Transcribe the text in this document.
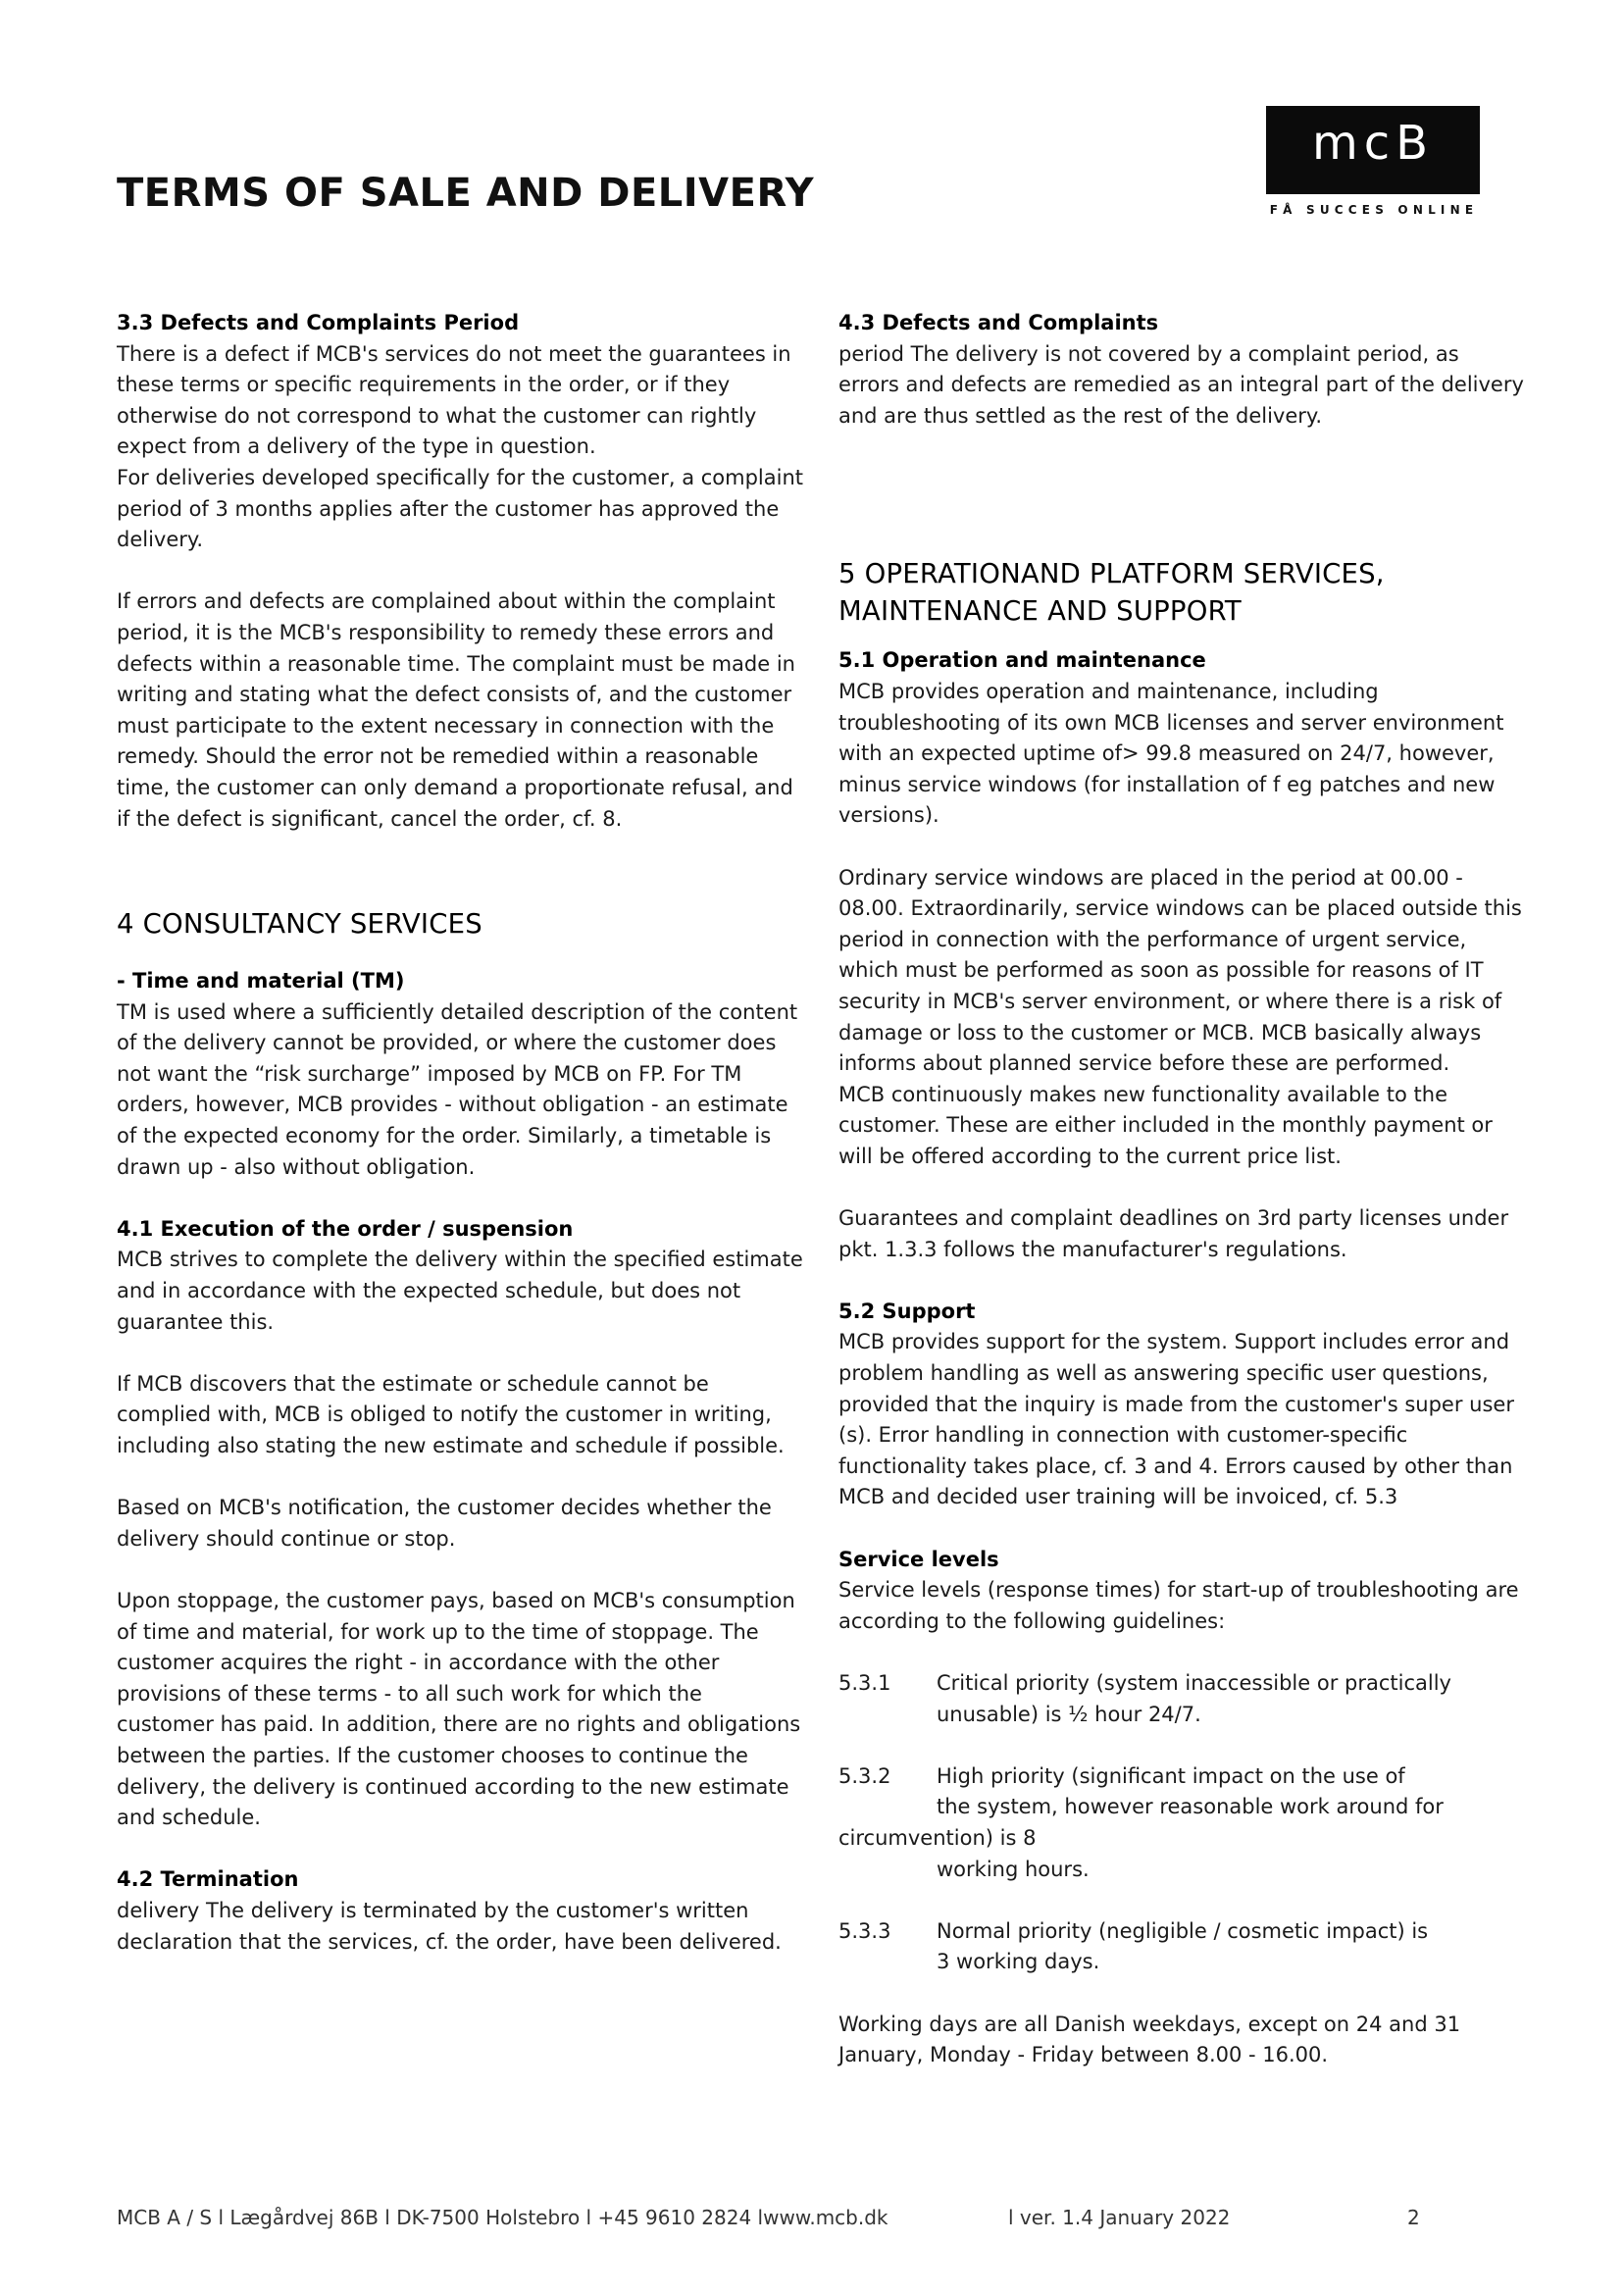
TERMS OF SALE AND DELIVERY
mcB
FÅ SUCCES ONLINE

3.3 Defects and Complaints Period

There is a defect if MCB's services do not meet the guarantees in these terms or specific requirements in the order, or if they otherwise do not correspond to what the customer can rightly expect from a delivery of the type in question.

For deliveries developed specifically for the customer, a complaint period of 3 months applies after the customer has approved the delivery.

If errors and defects are complained about within the complaint period, it is the MCB's responsibility to remedy these errors and defects within a reasonable time. The complaint must be made in writing and stating what the defect consists of, and the customer must participate to the extent necessary in connection with the remedy. Should the error not be remedied within a reasonable time, the customer can only demand a proportionate refusal, and if the defect is significant, cancel the order, cf. 8.

4 CONSULTANCY SERVICES

- Time and material (TM)

TM is used where a sufficiently detailed description of the content of the delivery cannot be provided, or where the customer does not want the “risk surcharge” imposed by MCB on FP. For TM orders, however, MCB provides - without obligation - an estimate of the expected economy for the order. Similarly, a timetable is drawn up - also without obligation.

4.1 Execution of the order / suspension

MCB strives to complete the delivery within the specified estimate and in accordance with the expected schedule, but does not guarantee this.

If MCB discovers that the estimate or schedule cannot be complied with, MCB is obliged to notify the customer in writing, including also stating the new estimate and schedule if possible.

Based on MCB's notification, the customer decides whether the delivery should continue or stop.

Upon stoppage, the customer pays, based on MCB's consumption of time and material, for work up to the time of stoppage. The customer acquires the right - in accordance with the other provisions of these terms - to all such work for which the customer has paid. In addition, there are no rights and obligations between the parties. If the customer chooses to continue the delivery, the delivery is continued according to the new estimate and schedule.

4.2 Termination

delivery The delivery is terminated by the customer's written declaration that the services, cf. the order, have been delivered.

4.3 Defects and Complaints

period The delivery is not covered by a complaint period, as errors and defects are remedied as an integral part of the delivery and are thus settled as the rest of the delivery.

5 OPERATIONAND PLATFORM SERVICES, MAINTENANCE AND SUPPORT

5.1 Operation and maintenance

MCB provides operation and maintenance, including troubleshooting of its own MCB licenses and server environment with an expected uptime of> 99.8 measured on 24/7, however, minus service windows (for installation of f eg patches and new versions).

Ordinary service windows are placed in the period at 00.00 - 08.00. Extraordinarily, service windows can be placed outside this period in connection with the performance of urgent service, which must be performed as soon as possible for reasons of IT security in MCB's server environment, or where there is a risk of damage or loss to the customer or MCB. MCB basically always informs about planned service before these are performed.

MCB continuously makes new functionality available to the customer. These are either included in the monthly payment or will be offered according to the current price list.

Guarantees and complaint deadlines on 3rd party licenses under pkt. 1.3.3 follows the manufacturer's regulations.

5.2 Support

MCB provides support for the system. Support includes error and problem handling as well as answering specific user questions, provided that the inquiry is made from the customer's super user (s). Error handling in connection with customer-specific functionality takes place, cf. 3 and 4. Errors caused by other than MCB and decided user training will be invoiced, cf. 5.3

Service levels

Service levels (response times) for start-up of troubleshooting are according to the following guidelines:

5.3.1 Critical priority (system inaccessible or practically

unusable) is ½ hour 24/7.

5.3.2 High priority (significant impact on the use of

the system, however reasonable work around for

circumvention) is 8

working hours.

5.3.3 Normal priority (negligible / cosmetic impact) is

3 working days.

Working days are all Danish weekdays, except on 24 and 31 January, Monday - Friday between 8.00 - 16.00.

MCB A / S l Lægårdvej 86B l DK-7500 Holstebro l +45 9610 2824 lwww.mcb.dk	l ver. 1.4 January 2022	2
